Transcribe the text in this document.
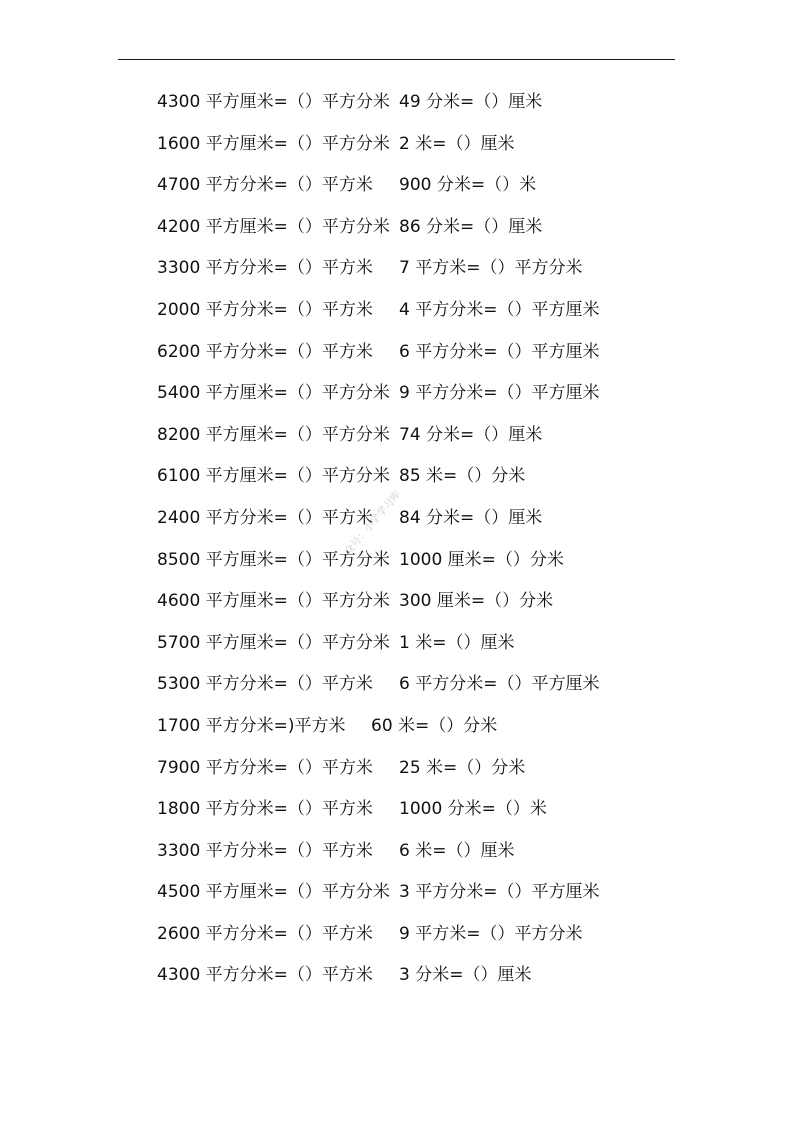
4300 平方厘米=（）平方分米 49 分米=（）厘米
1600 平方厘米=（）平方分米 2 米=（）厘米
4700 平方分米=（）平方米 900 分米=（）米
4200 平方厘米=（）平方分米 86 分米=（）厘米
3300 平方分米=（）平方米 7 平方米=（）平方分米
2000 平方分米=（）平方米 4 平方分米=（）平方厘米
6200 平方分米=（）平方米 6 平方分米=（）平方厘米
5400 平方厘米=（）平方分米 9 平方分米=（）平方厘米
8200 平方厘米=（）平方分米 74 分米=（）厘米
6100 平方厘米=（）平方分米 85 米=（）分米
2400 平方分米=（）平方米 84 分米=（）厘米
8500 平方厘米=（）平方分米 1000 厘米=（）分米
4600 平方厘米=（）平方分米 300 厘米=（）分米
5700 平方厘米=（）平方分米 1 米=（）厘米
5300 平方分米=（）平方米 6 平方分米=（）平方厘米
1700 平方分米=)平方米 60 米=（）分米
7900 平方分米=（）平方米 25 米=（）分米
1800 平方分米=（）平方米 1000 分米=（）米
3300 平方分米=（）平方米 6 米=（）厘米
4500 平方厘米=（）平方分米 3 平方分米=（）平方厘米
2600 平方分米=（）平方米 9 平方米=（）平方分米
4300 平方分米=（）平方米 3 分米=（）厘米
众号：小学学习库
